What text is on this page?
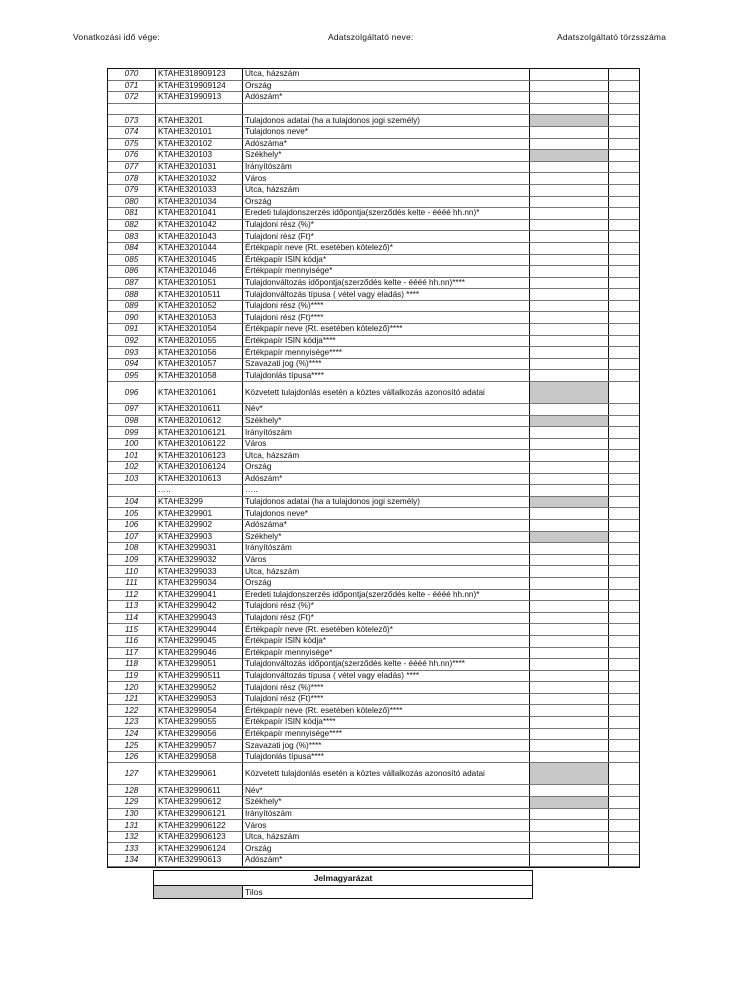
Vonatkozási idő vége:	Adatszolgáltató neve:	Adatszolgáltató törzsszáma
070	KTAHE318909123	Utca, házszám		
071	KTAHE319909124	Ország		
072	KTAHE31990913	Adószám*		

073	KTAHE3201	Tulajdonos adatai (ha a tulajdonos jogi személy)		
074	KTAHE320101	Tulajdonos neve*		
075	KTAHE320102	Adószáma*		
076	KTAHE320103	Székhely*		
077	KTAHE3201031	Irányítószám		
078	KTAHE3201032	Város		
079	KTAHE3201033	Utca, házszám		
080	KTAHE3201034	Ország		
081	KTAHE3201041	Eredeti tulajdonszerzés időpontja(szerződés kelte - éééé hh.nn)*		
082	KTAHE3201042	Tulajdoni rész (%)*		
083	KTAHE3201043	Tulajdoni rész (Ft)*		
084	KTAHE3201044	Értékpapír neve (Rt. esetében kötelező)*		
085	KTAHE3201045	Értékpapír ISIN kódja*		
086	KTAHE3201046	Értékpapír mennyisége*		
087	KTAHE3201051	Tulajdonváltozás időpontja(szerződés kelte - éééé hh.nn)****		
088	KTAHE32010511	Tulajdonváltozás típusa ( vétel vagy eladás) ****		
089	KTAHE3201052	Tulajdoni rész (%)****		
090	KTAHE3201053	Tulajdoni rész (Ft)****		
091	KTAHE3201054	Értékpapír neve (Rt. esetében kötelező)****		
092	KTAHE3201055	Értékpapír ISIN kódja****		
093	KTAHE3201056	Értékpapír mennyisége****		
094	KTAHE3201057	Szavazati jog (%)****		
095	KTAHE3201058	Tulajdonlás típusa****		
096	KTAHE3201061	Közvetett tulajdonlás esetén a köztes vállalkozás azonosító adatai		
097	KTAHE32010611	Név*		
098	KTAHE32010612	Székhely*		
099	KTAHE320106121	Irányítószám		
100	KTAHE320106122	Város		
101	KTAHE320106123	Utca, házszám		
102	KTAHE320106124	Ország		
103	KTAHE32010613	Adószám*		
	…..	…..		
104	KTAHE3299	Tulajdonos adatai (ha a tulajdonos jogi személy)		
105	KTAHE329901	Tulajdonos neve*		
106	KTAHE329902	Adószáma*		
107	KTAHE329903	Székhely*		
108	KTAHE3299031	Irányítószám		
109	KTAHE3299032	Város		
110	KTAHE3299033	Utca, házszám		
111	KTAHE3299034	Ország		
112	KTAHE3299041	Eredeti tulajdonszerzés időpontja(szerződés kelte - éééé hh.nn)*		
113	KTAHE3299042	Tulajdoni rész (%)*		
114	KTAHE3299043	Tulajdoni rész (Ft)*		
115	KTAHE3299044	Értékpapír neve (Rt. esetében kötelező)*		
116	KTAHE3299045	Értékpapír ISIN kódja*		
117	KTAHE3299046	Értékpapír mennyisége*		
118	KTAHE3299051	Tulajdonváltozás időpontja(szerződés kelte - éééé hh.nn)****		
119	KTAHE32990511	Tulajdonváltozás típusa ( vétel vagy eladás) ****		
120	KTAHE3299052	Tulajdoni rész (%)****		
121	KTAHE3299053	Tulajdoni rész (Ft)****		
122	KTAHE3299054	Értékpapír neve (Rt. esetében kötelező)****		
123	KTAHE3299055	Értékpapír ISIN kódja****		
124	KTAHE3299056	Értékpapír mennyisége****		
125	KTAHE3299057	Szavazati jog (%)****		
126	KTAHE3299058	Tulajdonlás típusa****		
127	KTAHE3299061	Közvetett tulajdonlás esetén a köztes vállalkozás azonosító adatai		
128	KTAHE32990611	Név*		
129	KTAHE32990612	Székhely*		
130	KTAHE329906121	Irányítószám		
131	KTAHE329906122	Város		
132	KTAHE329906123	Utca, házszám		
133	KTAHE329906124	Ország		
134	KTAHE32990613	Adószám*		
Jelmagyarázat
Tilos
